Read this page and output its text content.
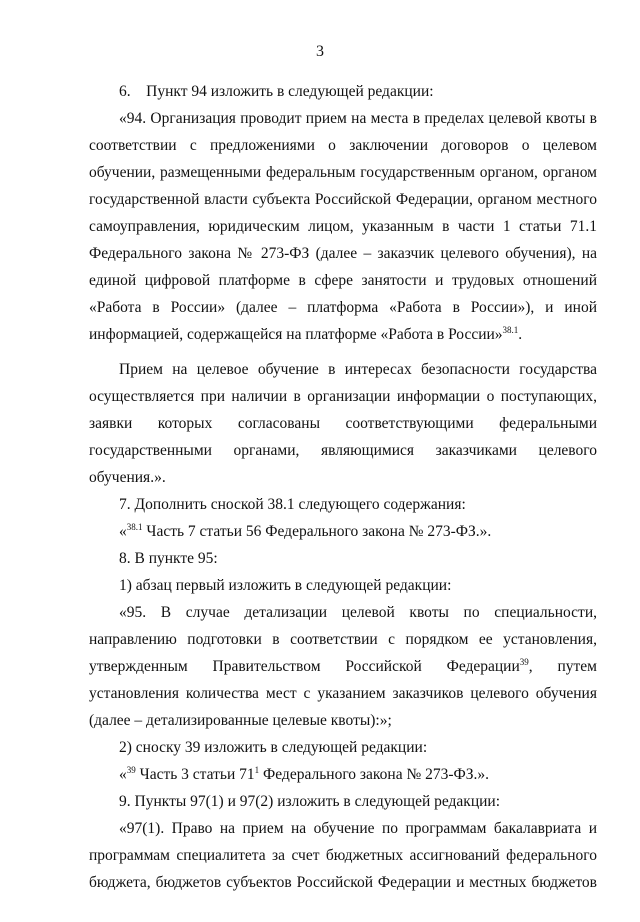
3

6. Пункт 94 изложить в следующей редакции:

«94. Организация проводит прием на места в пределах целевой квоты в соответствии с предложениями о заключении договоров о целевом обучении, размещенными федеральным государственным органом, органом государственной власти субъекта Российской Федерации, органом местного самоуправления, юридическим лицом, указанным в части 1 статьи 71.1 Федерального закона № 273-ФЗ (далее – заказчик целевого обучения), на единой цифровой платформе в сфере занятости и трудовых отношений «Работа в России» (далее – платформа «Работа в России»), и иной информацией, содержащейся на платформе «Работа в России»$^{38.1}$.

Прием на целевое обучение в интересах безопасности государства осуществляется при наличии в организации информации о поступающих, заявки которых согласованы соответствующими федеральными государственными органами, являющимися заказчиками целевого обучения.».

7. Дополнить сноской 38.1 следующего содержания:

«$^{38.1}$ Часть 7 статьи 56 Федерального закона № 273-ФЗ.».

8. В пункте 95:

1) абзац первый изложить в следующей редакции:

«95. В случае детализации целевой квоты по специальности, направлению подготовки в соответствии с порядком ее установления, утвержденным Правительством Российской Федерации$^{39}$, путем установления количества мест с указанием заказчиков целевого обучения (далее – детализированные целевые квоты):»;

2) сноску 39 изложить в следующей редакции:

«$^{39}$ Часть 3 статьи $71^1$ Федерального закона № 273-ФЗ.».

9. Пункты 97(1) и 97(2) изложить в следующей редакции:

«97(1). Право на прием на обучение по программам бакалавриата и программам специалитета за счет бюджетных ассигнований федерального бюджета, бюджетов субъектов Российской Федерации и местных бюджетов
